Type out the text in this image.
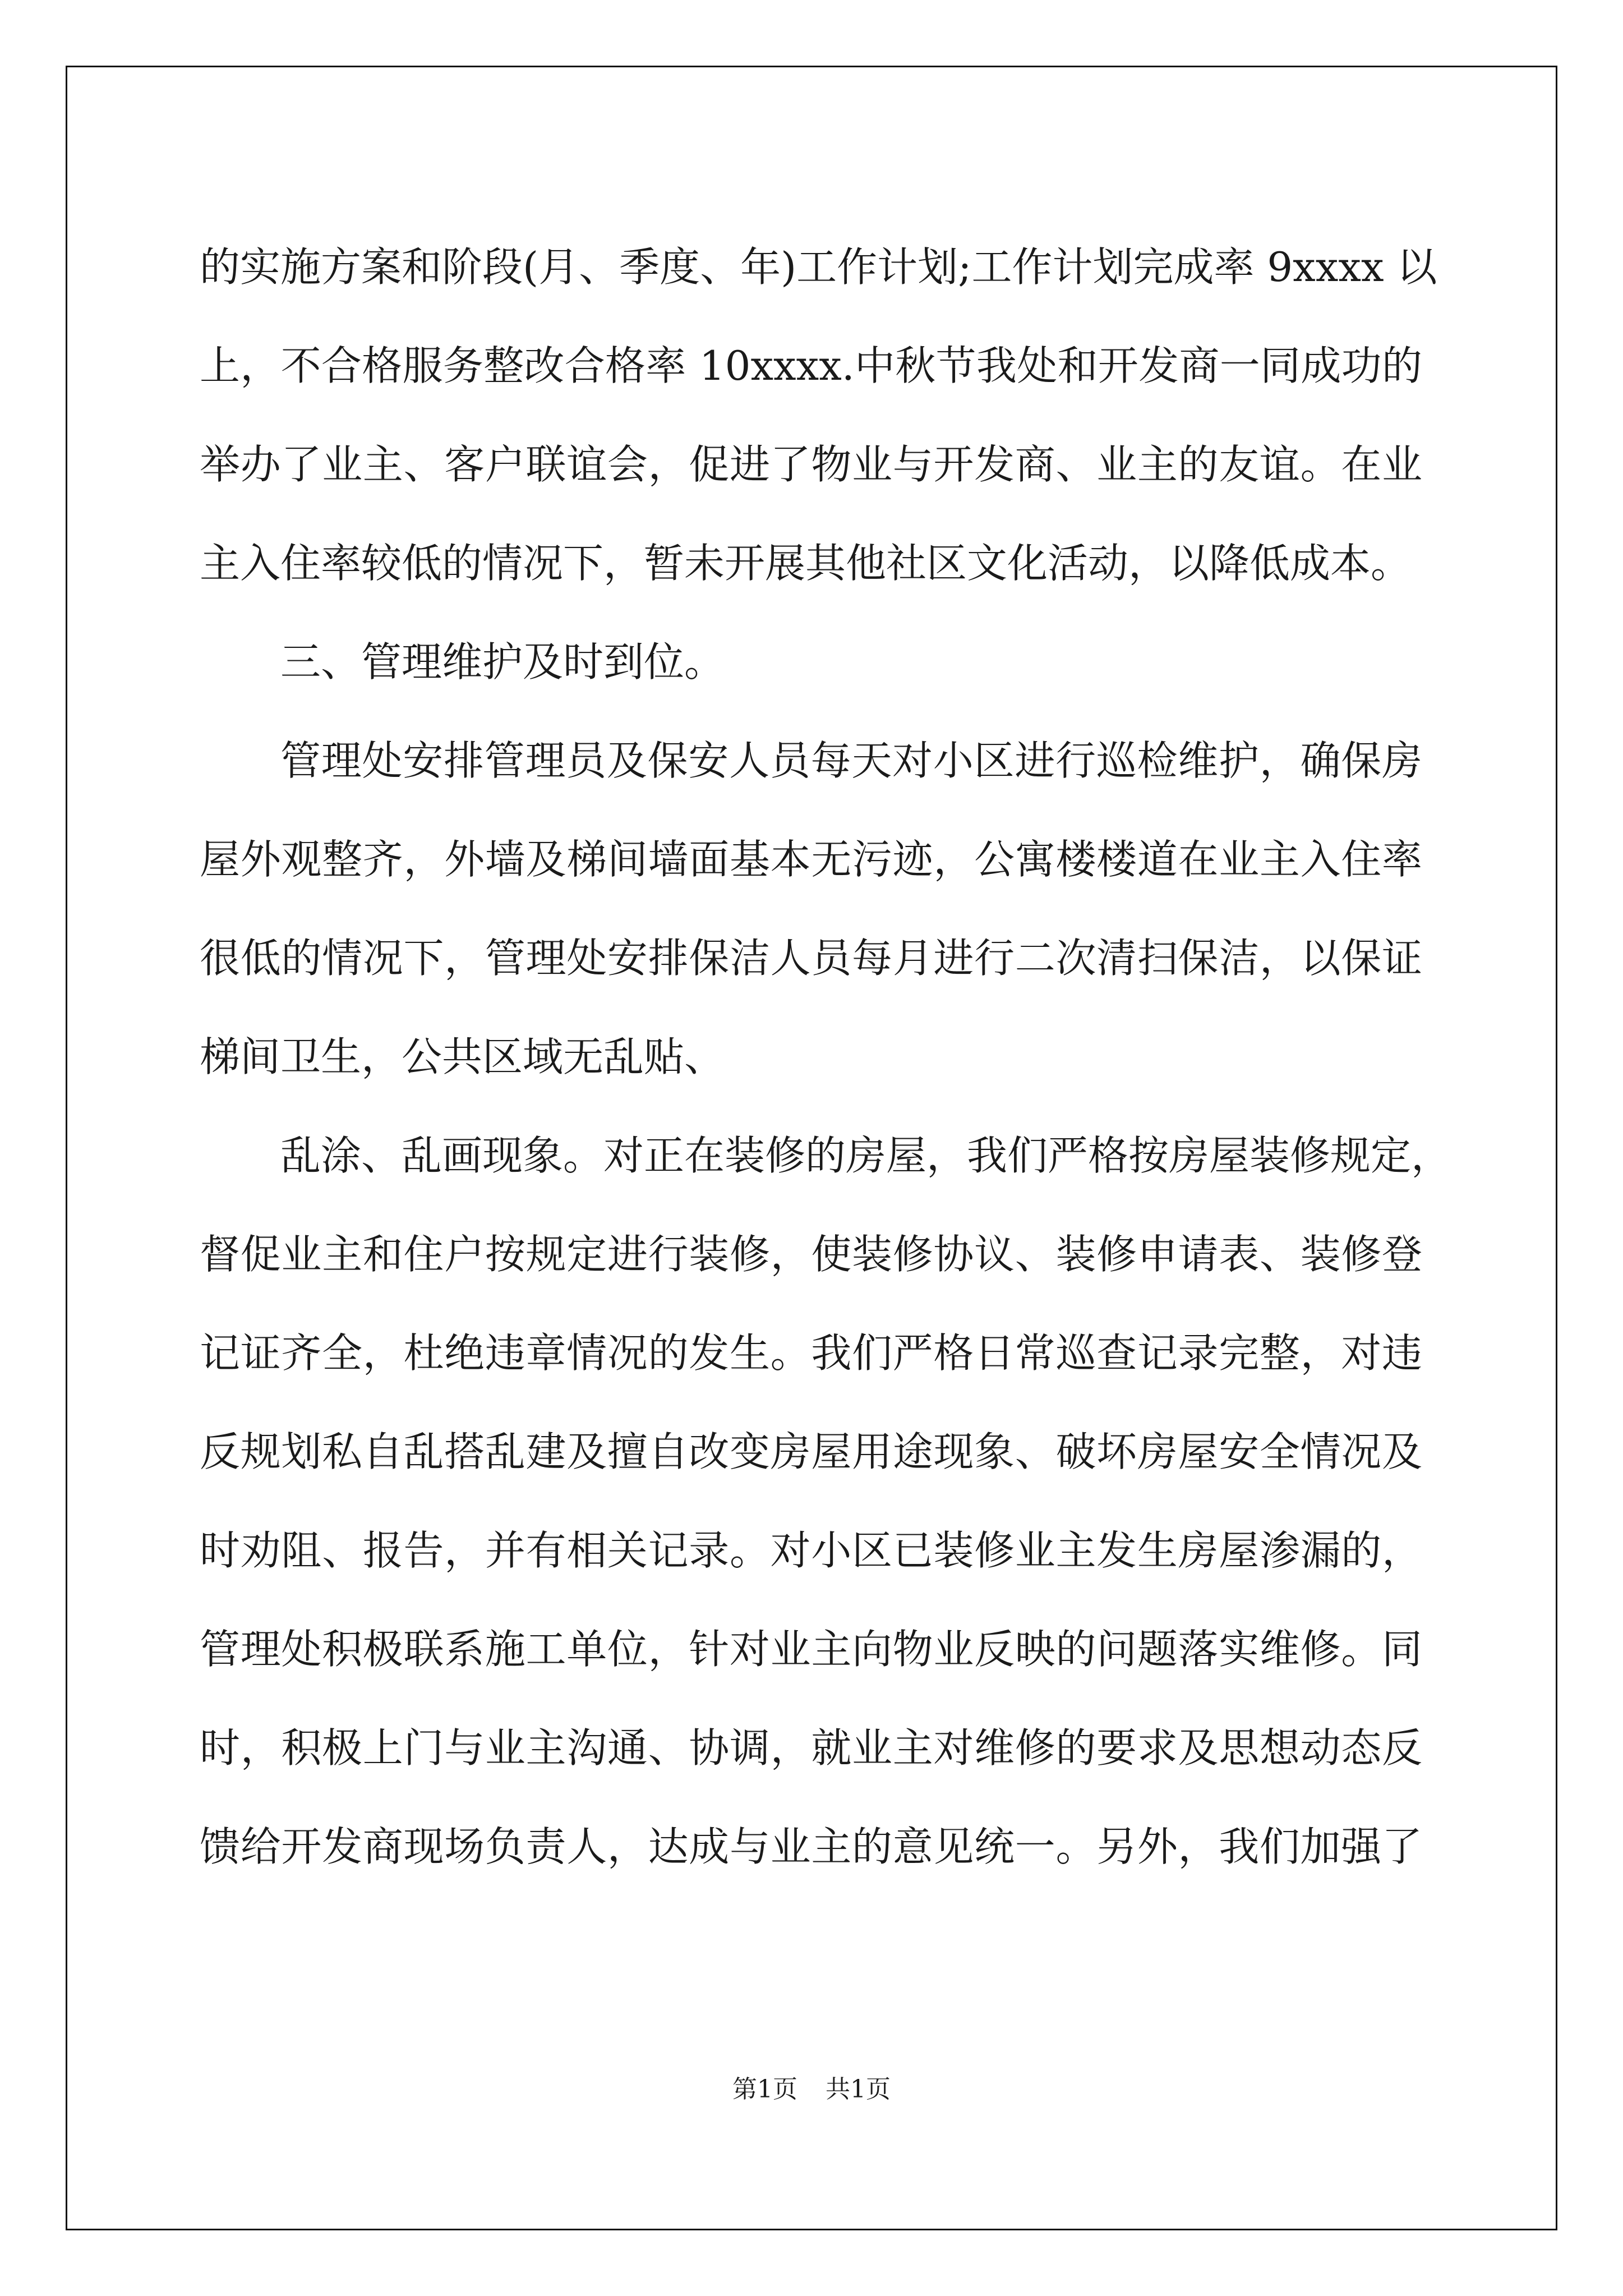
的实施方案和阶段(月、季度、年)工作计划;工作计划完成率 9xxxx 以
上，不合格服务整改合格率 10xxxx.中秋节我处和开发商一同成功的
举办了业主、客户联谊会，促进了物业与开发商、业主的友谊。在业
主入住率较低的情况下，暂未开展其他社区文化活动，以降低成本。
三、管理维护及时到位。
管理处安排管理员及保安人员每天对小区进行巡检维护，确保房
屋外观整齐，外墙及梯间墙面基本无污迹，公寓楼楼道在业主入住率
很低的情况下，管理处安排保洁人员每月进行二次清扫保洁，以保证
梯间卫生，公共区域无乱贴、
乱涂、乱画现象。对正在装修的房屋，我们严格按房屋装修规定，
督促业主和住户按规定进行装修，使装修协议、装修申请表、装修登
记证齐全，杜绝违章情况的发生。我们严格日常巡查记录完整，对违
反规划私自乱搭乱建及擅自改变房屋用途现象、破坏房屋安全情况及
时劝阻、报告，并有相关记录。对小区已装修业主发生房屋渗漏的，
管理处积极联系施工单位，针对业主向物业反映的问题落实维修。同
时，积极上门与业主沟通、协调，就业主对维修的要求及思想动态反
馈给开发商现场负责人，达成与业主的意见统一。另外，我们加强了
第1页 共1页
